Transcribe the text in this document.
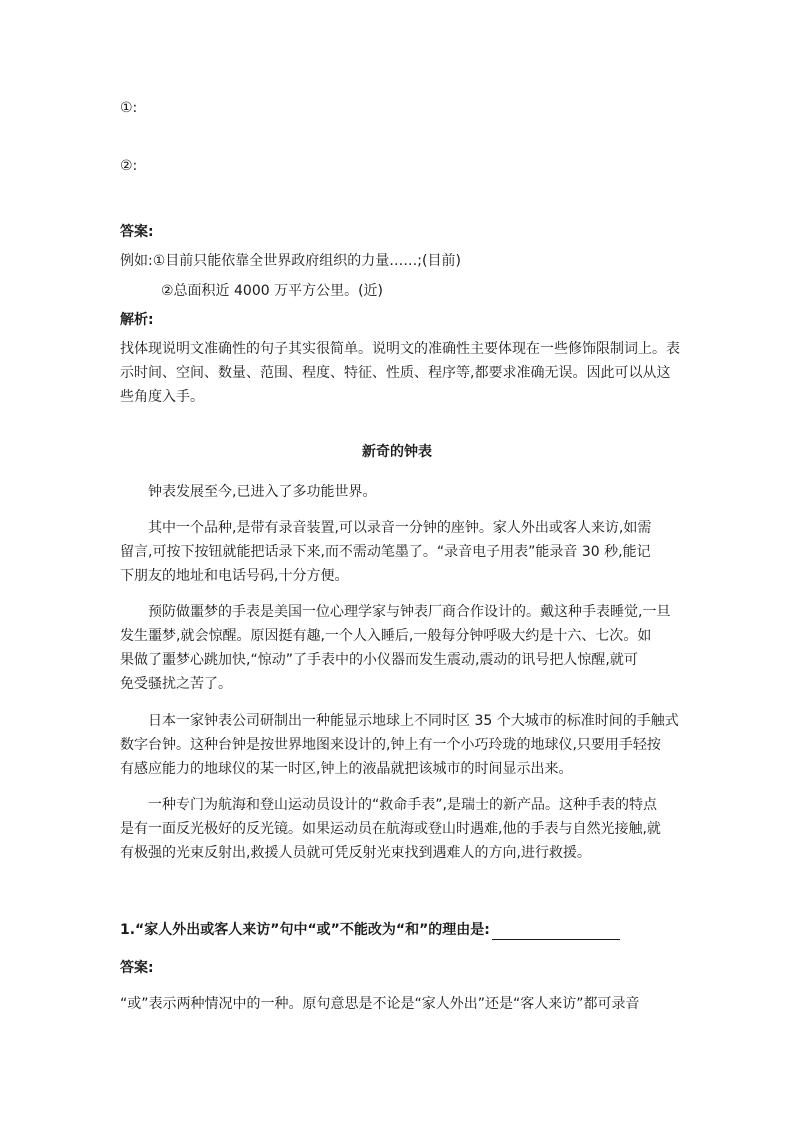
①:
②:
答案:
例如:①目前只能依靠全世界政府组织的力量……;(目前)
②总面积近 4000 万平方公里。(近)
解析:
找体现说明文准确性的句子其实很简单。说明文的准确性主要体现在一些修饰限制词上。表
示时间、空间、数量、范围、程度、特征、性质、程序等,都要求准确无误。因此可以从这
些角度入手。
新奇的钟表
钟表发展至今,已进入了多功能世界。
其中一个品种,是带有录音装置,可以录音一分钟的座钟。家人外出或客人来访,如需
留言,可按下按钮就能把话录下来,而不需动笔墨了。“录音电子用表”能录音 30 秒,能记
下朋友的地址和电话号码,十分方便。
预防做噩梦的手表是美国一位心理学家与钟表厂商合作设计的。戴这种手表睡觉,一旦
发生噩梦,就会惊醒。原因挺有趣,一个人入睡后,一般每分钟呼吸大约是十六、七次。如
果做了噩梦心跳加快,“惊动”了手表中的小仪器而发生震动,震动的讯号把人惊醒,就可
免受骚扰之苦了。
日本一家钟表公司研制出一种能显示地球上不同时区 35 个大城市的标准时间的手触式
数字台钟。这种台钟是按世界地图来设计的,钟上有一个小巧玲珑的地球仪,只要用手轻按
有感应能力的地球仪的某一时区,钟上的液晶就把该城市的时间显示出来。
一种专门为航海和登山运动员设计的“救命手表”,是瑞士的新产品。这种手表的特点
是有一面反光极好的反光镜。如果运动员在航海或登山时遇难,他的手表与自然光接触,就
有极强的光束反射出,救援人员就可凭反射光束找到遇难人的方向,进行救援。
1.“家人外出或客人来访”句中“或”不能改为“和”的理由是:
答案:
“或”表示两种情况中的一种。原句意思是不论是“家人外出”还是“客人来访”都可录音
